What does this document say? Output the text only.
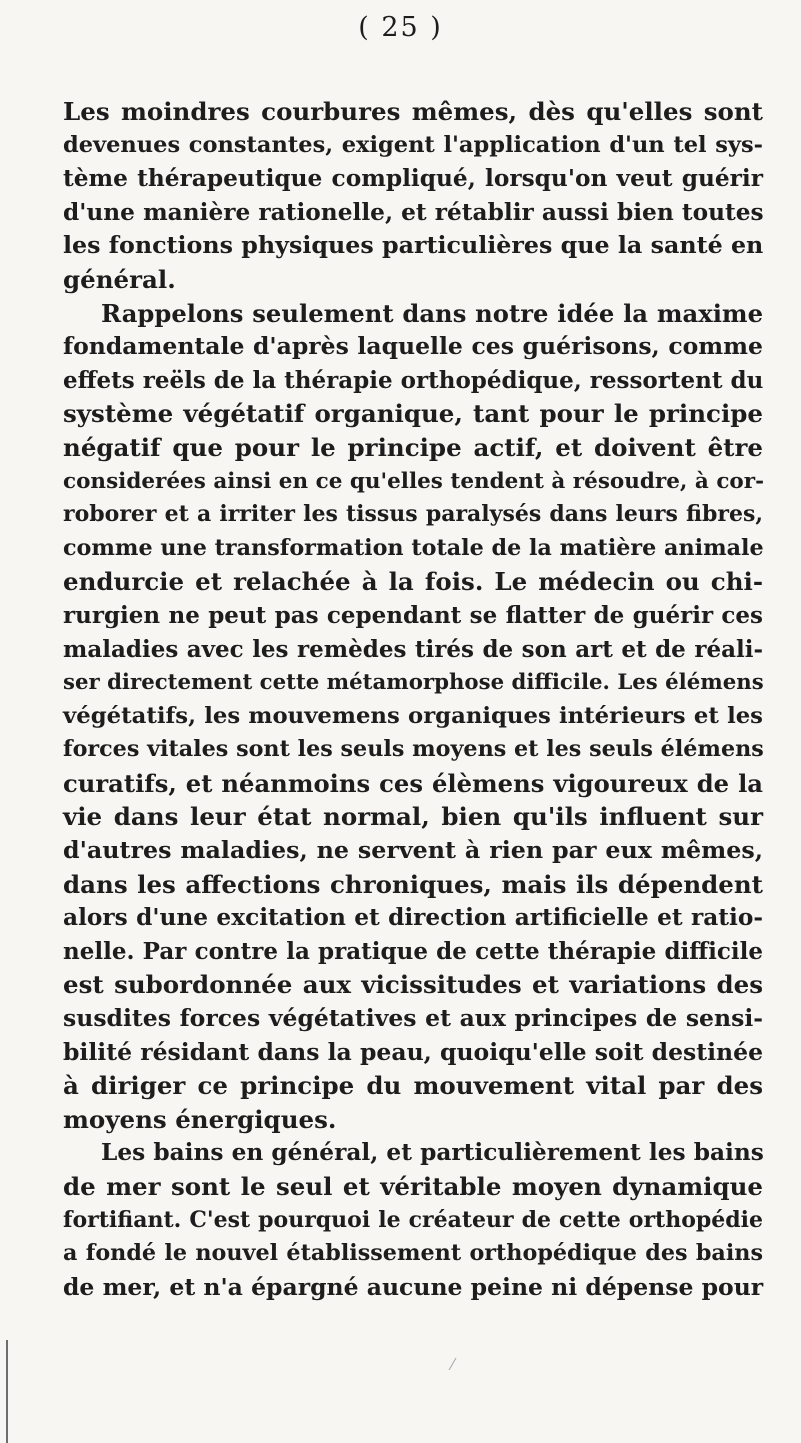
( 25 )
Les moindres courbures mêmes, dès qu'elles sont
devenues constantes, exigent l'application d'un tel sys-
tème thérapeutique compliqué, lorsqu'on veut guérir
d'une manière rationelle, et rétablir aussi bien toutes
les fonctions physiques particulières que la santé en
général.
Rappelons seulement dans notre idée la maxime
fondamentale d'après laquelle ces guérisons, comme
effets reëls de la thérapie orthopédique, ressortent du
système végétatif organique, tant pour le principe
négatif que pour le principe actif, et doivent être
considerées ainsi en ce qu'elles tendent à résoudre, à cor-
roborer et a irriter les tissus paralysés dans leurs fibres,
comme une transformation totale de la matière animale
endurcie et relachée à la fois. Le médecin ou chi-
rurgien ne peut pas cependant se flatter de guérir ces
maladies avec les remèdes tirés de son art et de réali-
ser directement cette métamorphose difficile. Les élémens
végétatifs, les mouvemens organiques intérieurs et les
forces vitales sont les seuls moyens et les seuls élémens
curatifs, et néanmoins ces élèmens vigoureux de la
vie dans leur état normal, bien qu'ils influent sur
d'autres maladies, ne servent à rien par eux mêmes,
dans les affections chroniques, mais ils dépendent
alors d'une excitation et direction artificielle et ratio-
nelle. Par contre la pratique de cette thérapie difficile
est subordonnée aux vicissitudes et variations des
susdites forces végétatives et aux principes de sensi-
bilité résidant dans la peau, quoiqu'elle soit destinée
à diriger ce principe du mouvement vital par des
moyens énergiques.
Les bains en général, et particulièrement les bains
de mer sont le seul et véritable moyen dynamique
fortifiant. C'est pourquoi le créateur de cette orthopédie
a fondé le nouvel établissement orthopédique des bains
de mer, et n'a épargné aucune peine ni dépense pour
